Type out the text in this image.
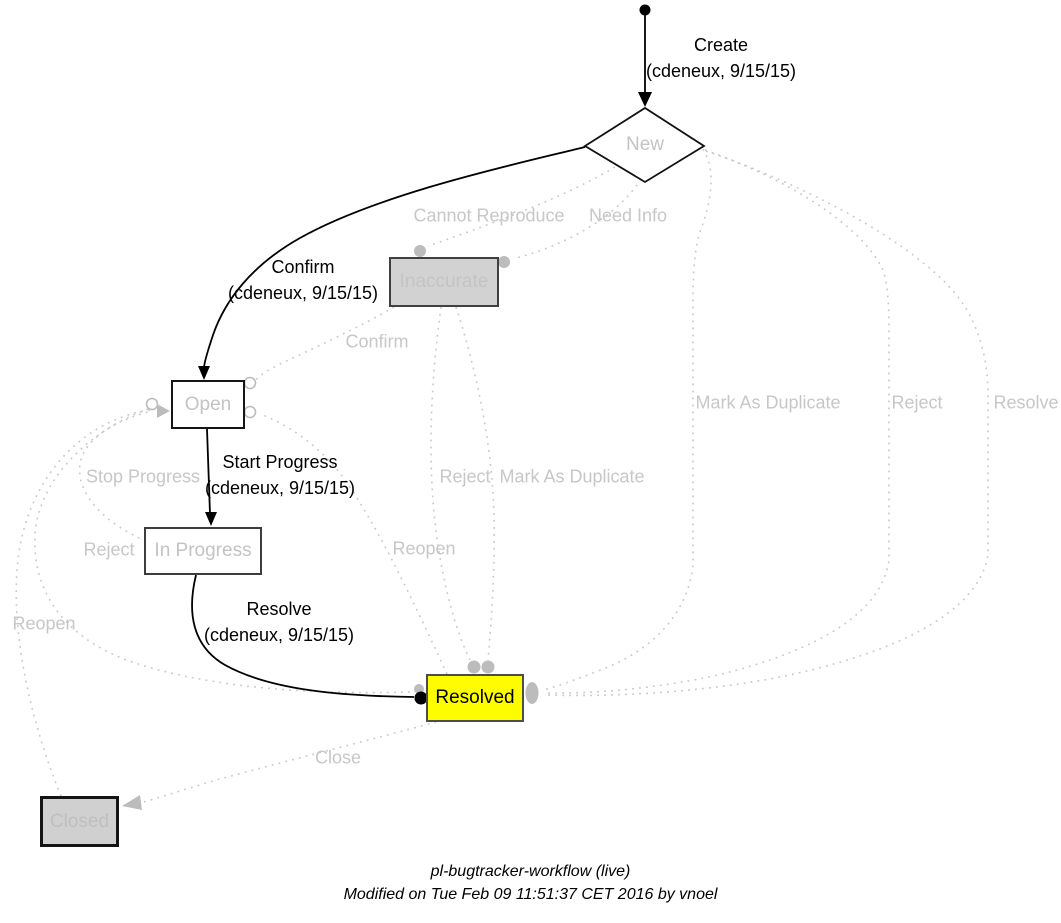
New
Inaccurate
Open
In Progress
Resolved
Closed
Create
(cdeneux, 9/15/15)
Confirm
(cdeneux, 9/15/15)
Start Progress
(cdeneux, 9/15/15)
Resolve
(cdeneux, 9/15/15)
Cannot Reproduce Need Info
Confirm
Mark As Duplicate	Reject	Resolve
Stop Progress	Reject Mark As Duplicate
Reject	Reopen
Reopen
Close
pl-bugtracker-workflow (live)
Modified on Tue Feb 09 11:51:37 CET 2016 by vnoel
